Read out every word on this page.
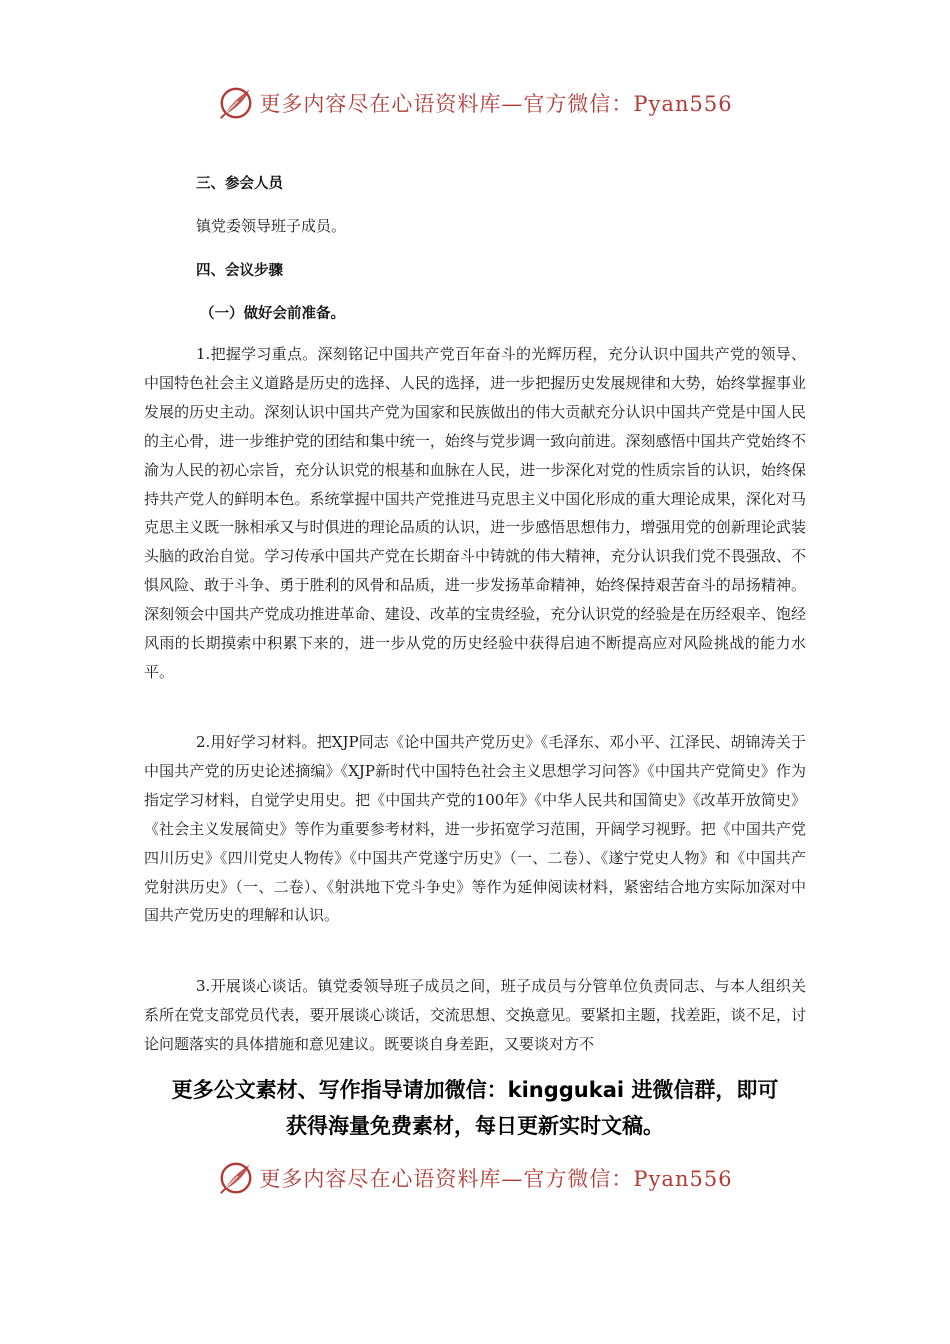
更多内容尽在心语资料库—官方微信：Pyan556
三、参会人员
镇党委领导班子成员。
四、会议步骤
（一）做好会前准备。

1.把握学习重点。深刻铭记中国共产党百年奋斗的光辉历程，充分认识中国共产党的领导、中国特色社会主义道路是历史的选择、人民的选择，进一步把握历史发展规律和大势，始终掌握事业发展的历史主动。深刻认识中国共产党为国家和民族做出的伟大贡献充分认识中国共产党是中国人民的主心骨，进一步维护党的团结和集中统一，始终与党步调一致向前进。深刻感悟中国共产党始终不渝为人民的初心宗旨，充分认识党的根基和血脉在人民，进一步深化对党的性质宗旨的认识，始终保持共产党人的鲜明本色。系统掌握中国共产党推进马克思主义中国化形成的重大理论成果，深化对马克思主义既一脉相承又与时俱进的理论品质的认识，进一步感悟思想伟力，增强用党的创新理论武装头脑的政治自觉。学习传承中国共产党在长期奋斗中铸就的伟大精神，充分认识我们党不畏强敌、不惧风险、敢于斗争、勇于胜利的风骨和品质，进一步发扬革命精神，始终保持艰苦奋斗的昂扬精神。深刻领会中国共产党成功推进革命、建设、改革的宝贵经验，充分认识党的经验是在历经艰辛、饱经风雨的长期摸索中积累下来的，进一步从党的历史经验中获得启迪不断提高应对风险挑战的能力水平。

2.用好学习材料。把XJP同志《论中国共产党历史》《毛泽东、邓小平、江泽民、胡锦涛关于中国共产党的历史论述摘编》《XJP新时代中国特色社会主义思想学习问答》《中国共产党简史》作为指定学习材料，自觉学史用史。把《中国共产党的100年》《中华人民共和国简史》《改革开放简史》《社会主义发展简史》等作为重要参考材料，进一步拓宽学习范围，开阔学习视野。把《中国共产党四川历史》《四川党史人物传》《中国共产党遂宁历史》（一、二卷）、《遂宁党史人物》和《中国共产党射洪历史》（一、二卷）、《射洪地下党斗争史》等作为延伸阅读材料，紧密结合地方实际加深对中国共产党历史的理解和认识。

3.开展谈心谈话。镇党委领导班子成员之间，班子成员与分管单位负责同志、与本人组织关系所在党支部党员代表，要开展谈心谈话，交流思想、交换意见。要紧扣主题，找差距，谈不足，讨论问题落实的具体措施和意见建议。既要谈自身差距，又要谈对方不

更多公文素材、写作指导请加微信：kinggukai 进微信群，即可
获得海量免费素材，每日更新实时文稿。
更多内容尽在心语资料库—官方微信：Pyan556
